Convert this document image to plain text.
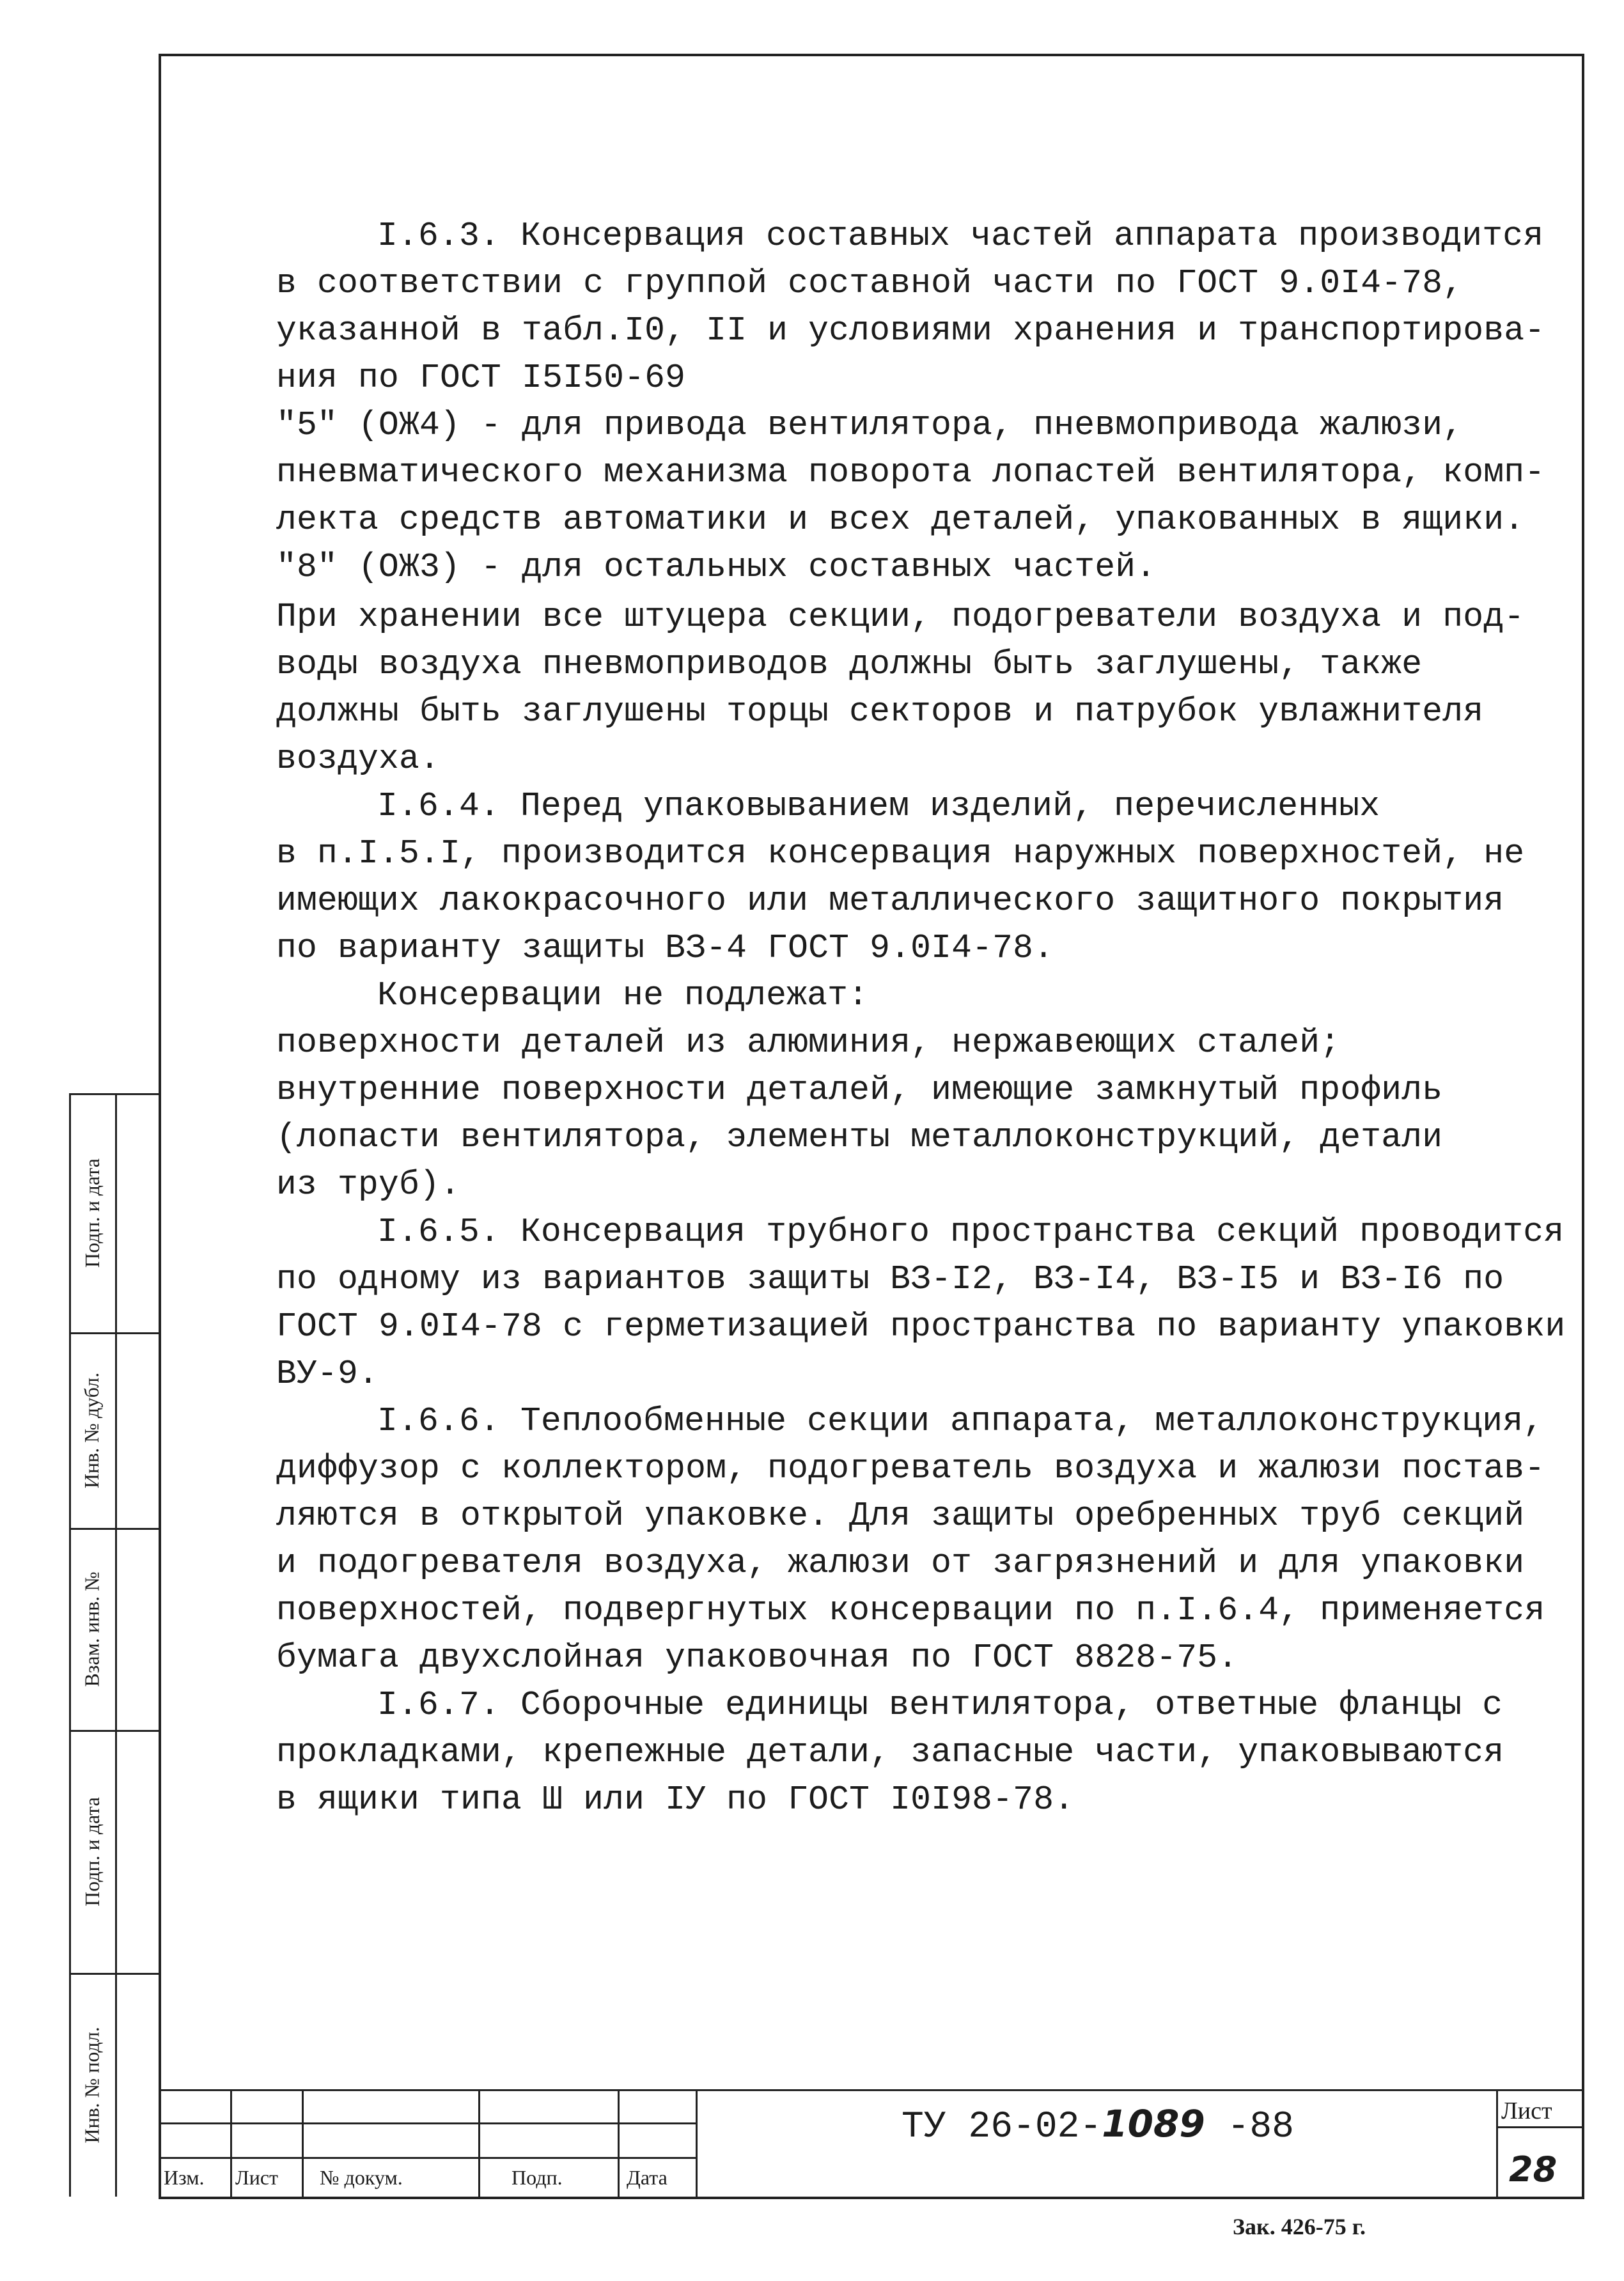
I.6.3. Консервация составных частей аппарата производится
в соответствии с группой составной части по ГОСТ 9.0I4-78,
указанной в табл.I0, II и условиями хранения и транспортирова-
ния по ГОСТ I5I50-69
"5" (ОЖ4) - для привода вентилятора, пневмопривода жалюзи,
пневматического механизма поворота лопастей вентилятора, комп-
лекта средств автоматики и всех деталей, упакованных в ящики.
"8" (ОЖ3) - для остальных составных частей.
При хранении все штуцера секции, подогреватели воздуха и под-
воды воздуха пневмоприводов должны быть заглушены, также
должны быть заглушены торцы секторов и патрубок увлажнителя
воздуха.
I.6.4. Перед упаковыванием изделий, перечисленных
в п.I.5.I, производится консервация наружных поверхностей, не
имеющих лакокрасочного или металлического защитного покрытия
по варианту защиты ВЗ-4 ГОСТ 9.0I4-78.
Консервации не подлежат:
поверхности деталей из алюминия, нержавеющих сталей;
внутренние поверхности деталей, имеющие замкнутый профиль
(лопасти вентилятора, элементы металлоконструкций, детали
из труб).
I.6.5. Консервация трубного пространства секций проводится
по одному из вариантов защиты ВЗ-I2, ВЗ-I4, ВЗ-I5 и ВЗ-I6 по
ГОСТ 9.0I4-78 с герметизацией пространства по варианту упаковки
ВУ-9.
I.6.6. Теплообменные секции аппарата, металлоконструкция,
диффузор с коллектором, подогреватель воздуха и жалюзи постав-
ляются в открытой упаковке. Для защиты оребренных труб секций
и подогревателя воздуха, жалюзи от загрязнений и для упаковки
поверхностей, подвергнутых консервации по п.I.6.4, применяется
бумага двухслойная упаковочная по ГОСТ 8828-75.
I.6.7. Сборочные единицы вентилятора, ответные фланцы с
прокладками, крепежные детали, запасные части, упаковываются
в ящики типа Ш или IУ по ГОСТ I0I98-78.
Подп. и дата
Инв. № дубл.
Взам. инв. №
Подп. и дата
Инв. № подл.
Изм. Лист № докум.	Подп.	Дата
ТУ 26-02-1089 -88	Лист
28
Зак. 426-75 г.
